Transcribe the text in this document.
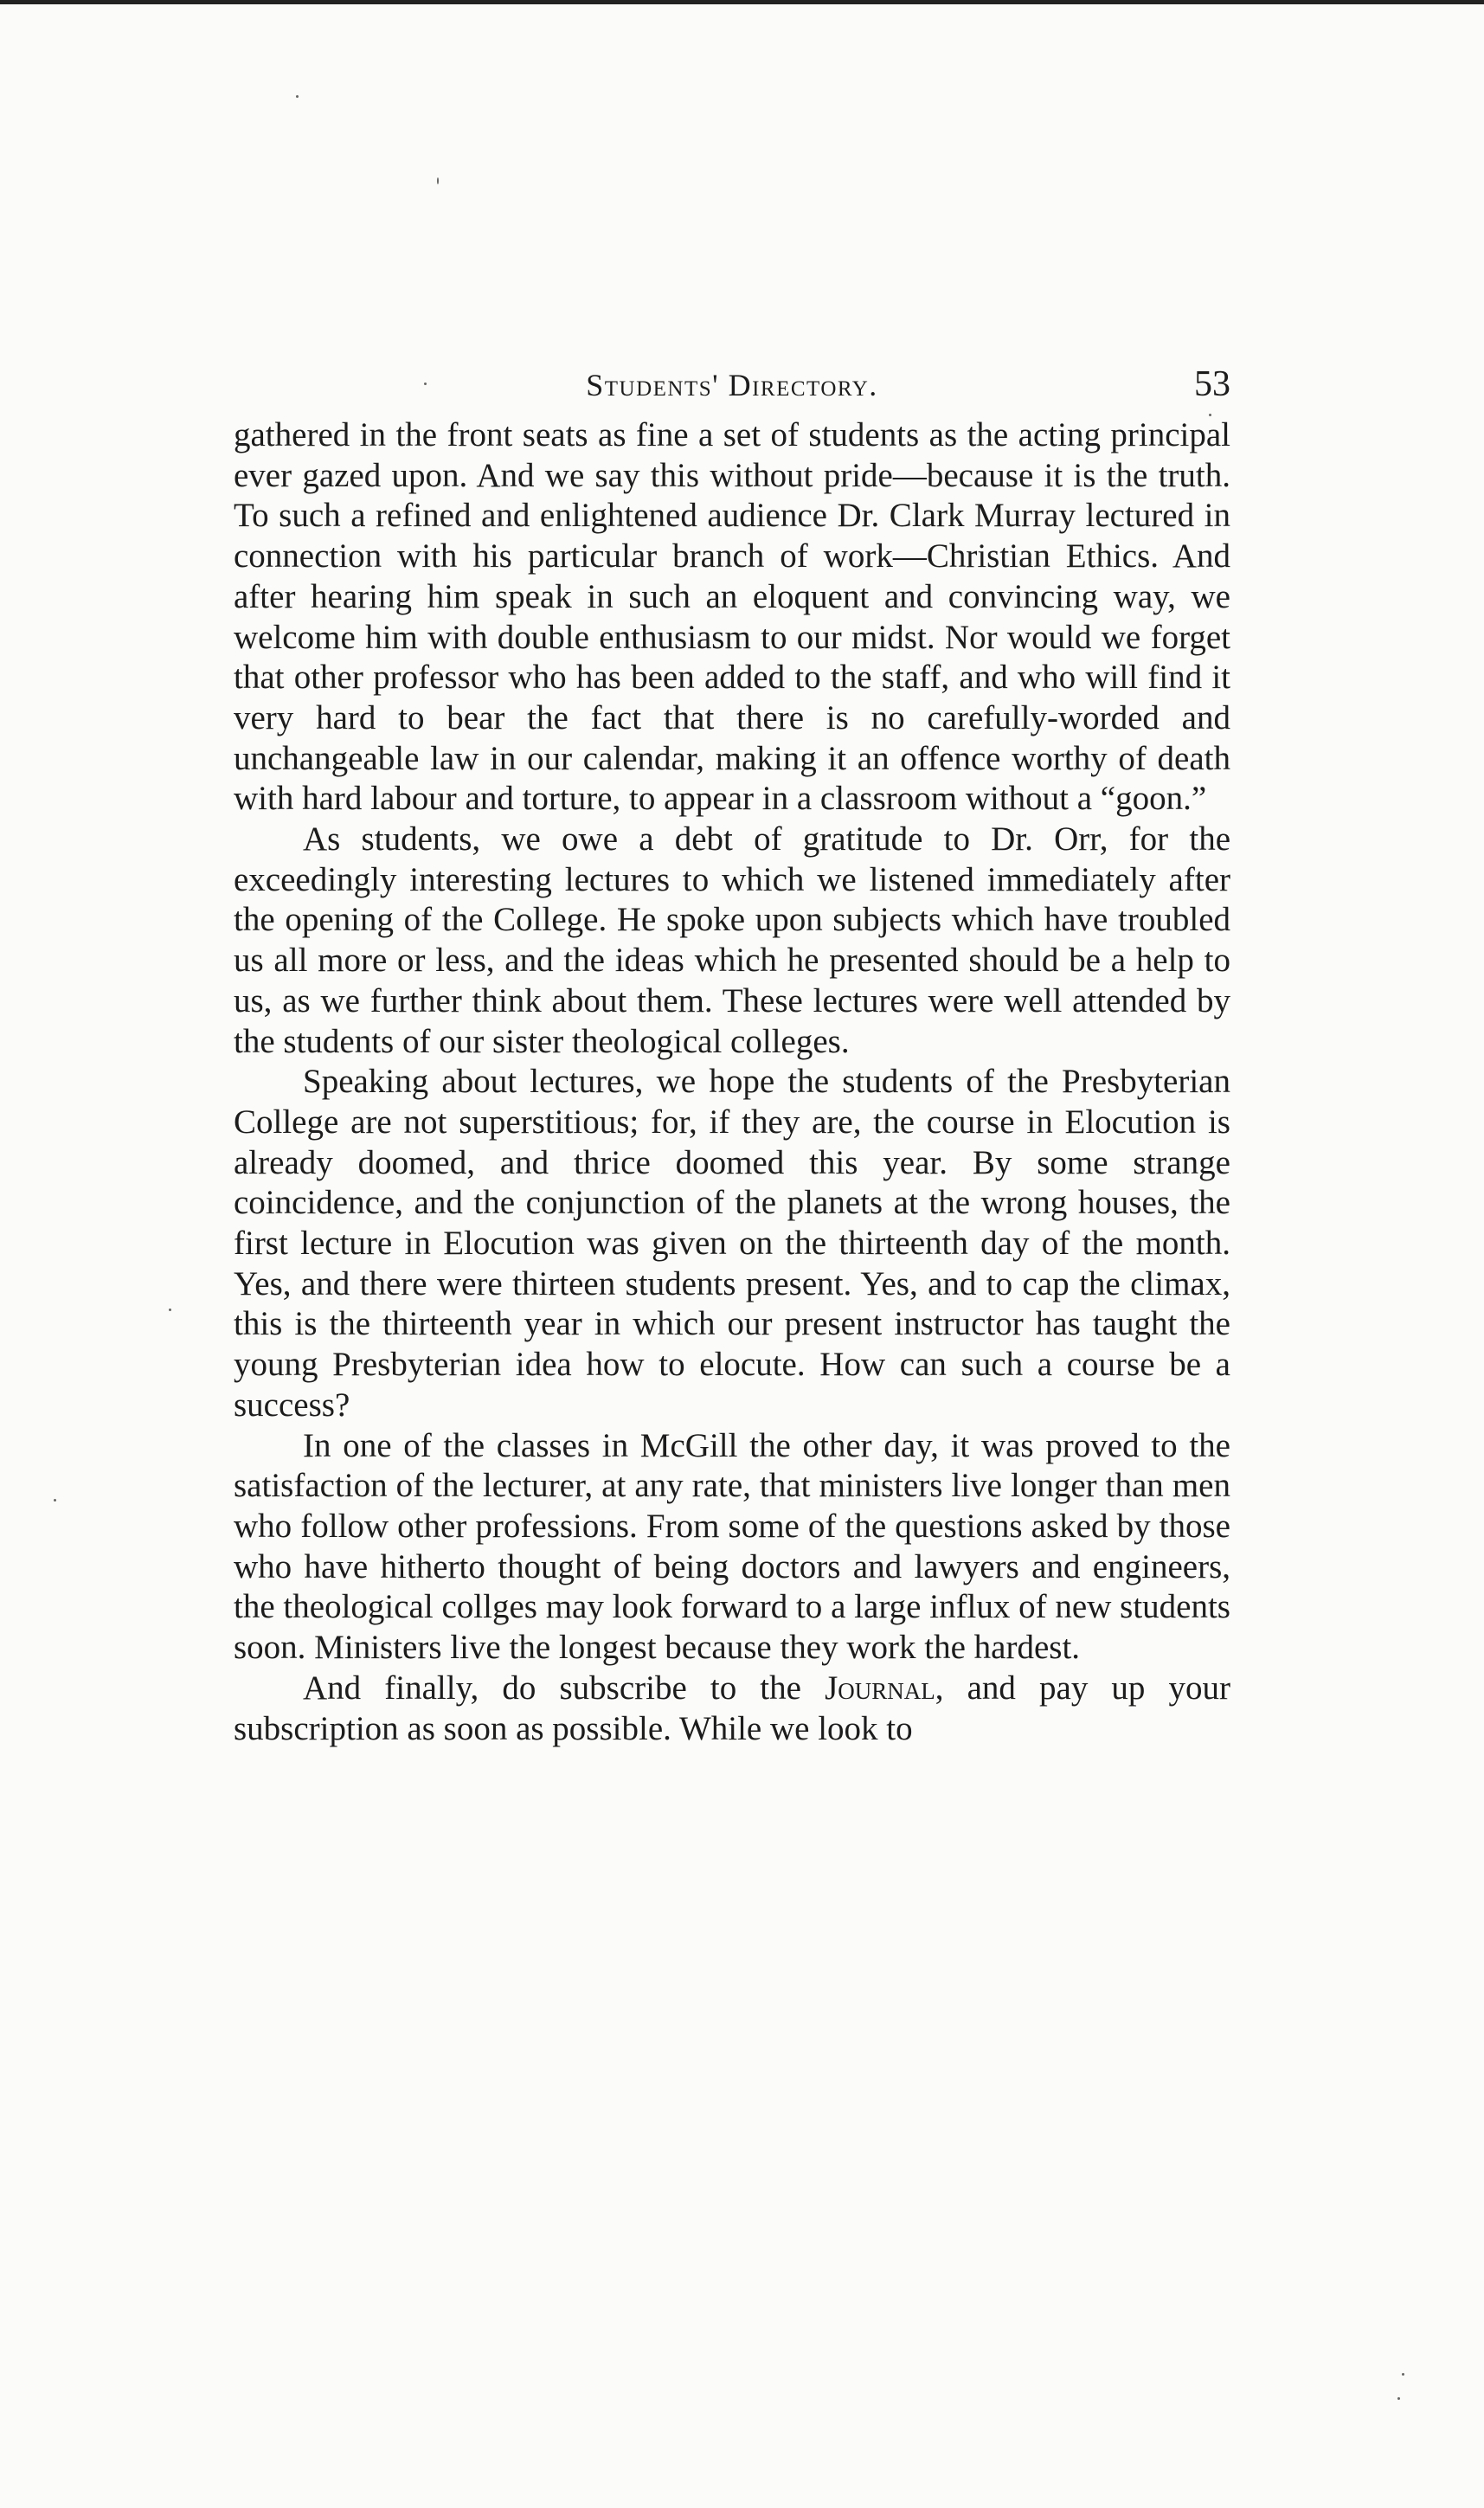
Students' Directory.	53

gathered in the front seats as fine a set of students as the acting principal ever gazed upon. And we say this without pride—because it is the truth. To such a refined and enlightened audience Dr. Clark Murray lectured in connection with his particular branch of work—Christian Ethics. And after hearing him speak in such an eloquent and convincing way, we welcome him with double enthusiasm to our midst. Nor would we forget that other professor who has been added to the staff, and who will find it very hard to bear the fact that there is no carefully-worded and unchangeable law in our calendar, making it an offence worthy of death with hard labour and torture, to appear in a classroom without a “goon.”

As students, we owe a debt of gratitude to Dr. Orr, for the exceedingly interesting lectures to which we listened immediately after the opening of the College. He spoke upon subjects which have troubled us all more or less, and the ideas which he presented should be a help to us, as we further think about them. These lectures were well attended by the students of our sister theological colleges.

Speaking about lectures, we hope the students of the Presbyterian College are not superstitious; for, if they are, the course in Elocution is already doomed, and thrice doomed this year. By some strange coincidence, and the conjunction of the planets at the wrong houses, the first lecture in Elocution was given on the thirteenth day of the month. Yes, and there were thirteen students present. Yes, and to cap the climax, this is the thirteenth year in which our present instructor has taught the young Presbyterian idea how to elocute. How can such a course be a success?

In one of the classes in McGill the other day, it was proved to the satisfaction of the lecturer, at any rate, that ministers live longer than men who follow other professions. From some of the questions asked by those who have hitherto thought of being doctors and lawyers and engineers, the theological collges may look forward to a large influx of new students soon. Ministers live the longest because they work the hardest.

And finally, do subscribe to the Journal, and pay up your subscription as soon as possible. While we look to
